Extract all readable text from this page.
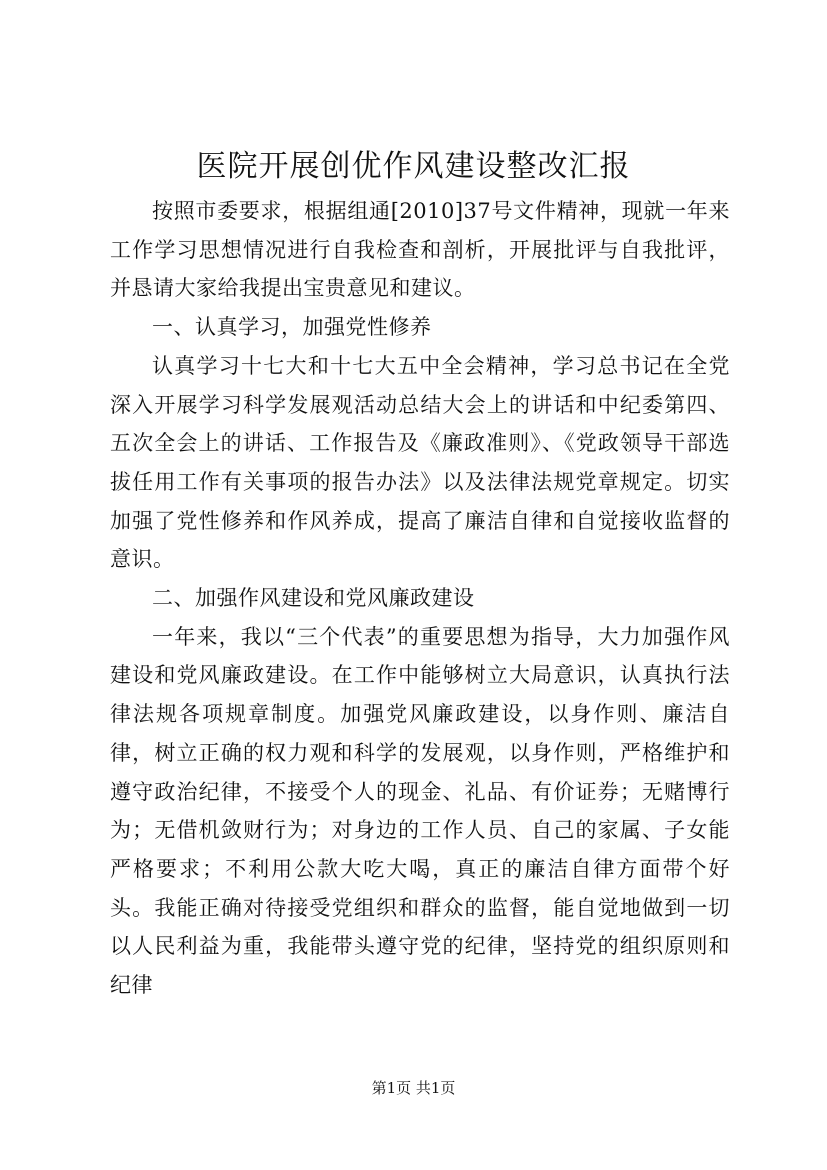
医院开展创优作风建设整改汇报

按照市委要求，根据组通[2010]37号文件精神，现就一年来工作学习思想情况进行自我检查和剖析，开展批评与自我批评，并恳请大家给我提出宝贵意见和建议。

一、认真学习，加强党性修养

认真学习十七大和十七大五中全会精神，学习总书记在全党深入开展学习科学发展观活动总结大会上的讲话和中纪委第四、五次全会上的讲话、工作报告及《廉政准则》、《党政领导干部选拔任用工作有关事项的报告办法》以及法律法规党章规定。切实加强了党性修养和作风养成，提高了廉洁自律和自觉接收监督的意识。

二、加强作风建设和党风廉政建设

一年来，我以“三个代表”的重要思想为指导，大力加强作风建设和党风廉政建设。在工作中能够树立大局意识，认真执行法律法规各项规章制度。加强党风廉政建设，以身作则、廉洁自律，树立正确的权力观和科学的发展观，以身作则，严格维护和遵守政治纪律，不接受个人的现金、礼品、有价证券；无赌博行为；无借机敛财行为；对身边的工作人员、自己的家属、子女能严格要求；不利用公款大吃大喝，真正的廉洁自律方面带个好头。我能正确对待接受党组织和群众的监督，能自觉地做到一切以人民利益为重，我能带头遵守党的纪律，坚持党的组织原则和纪律

第1页 共1页
